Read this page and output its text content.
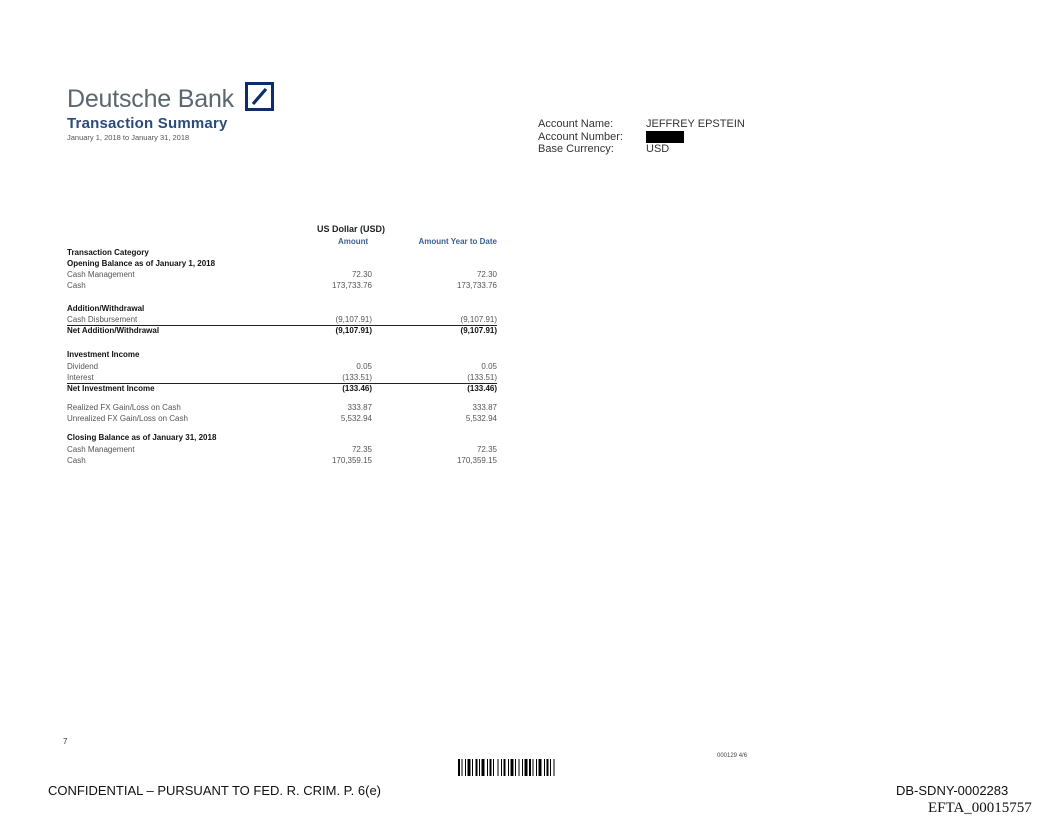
Deutsche Bank
Transaction Summary
January 1, 2018 to January 31, 2018
Account Name:	JEFFREY EPSTEIN
Account Number:
Base Currency:	USD
US Dollar (USD)
Amount	Amount Year to Date
Transaction Category
Opening Balance as of January 1, 2018
Cash Management	72.30	72.30
Cash	173,733.76	173,733.76
Addition/Withdrawal
Cash Disbursement	(9,107.91)	(9,107.91)
Net Addition/Withdrawal	(9,107.91)	(9,107.91)
Investment Income
Dividend	0.05	0.05
Interest	(133.51)	(133.51)
Net Investment Income	(133.46)	(133.46)
Realized FX Gain/Loss on Cash	333.87	333.87
Unrealized FX Gain/Loss on Cash	5,532.94	5,532.94
Closing Balance as of January 31, 2018
Cash Management	72.35	72.35
Cash	170,359.15	170,359.15
7
000129 4/6
CONFIDENTIAL – PURSUANT TO FED. R. CRIM. P. 6(e)	DB-SDNY-0002283
EFTA_00015757
